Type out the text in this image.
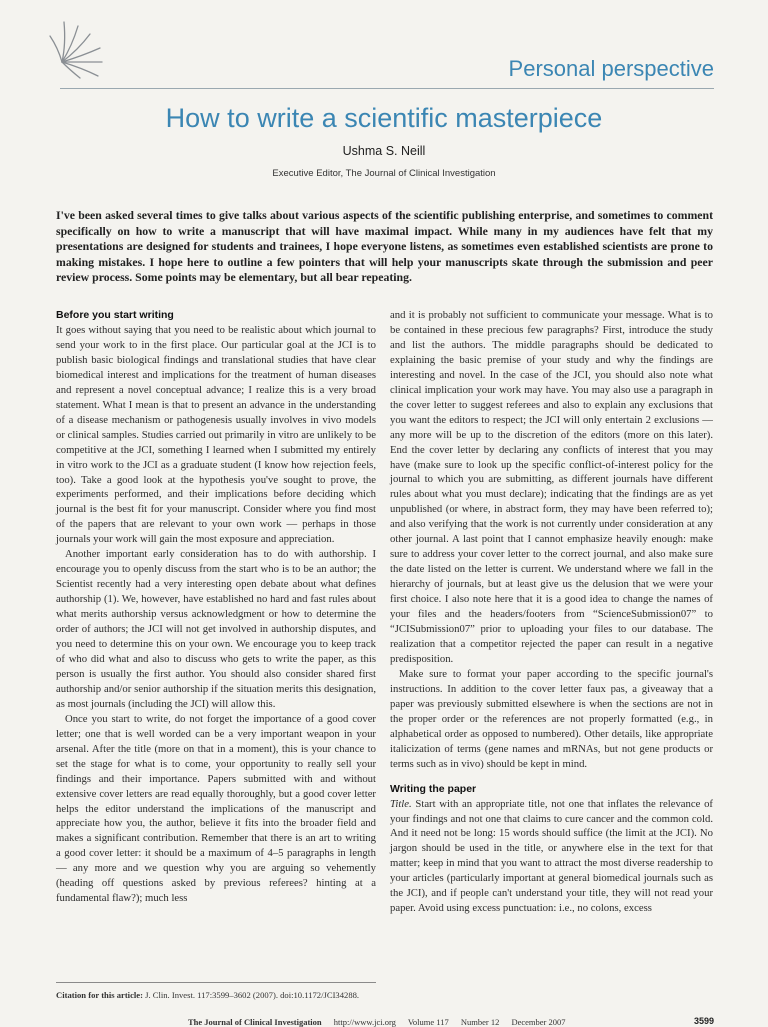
Personal perspective
How to write a scientific masterpiece
Ushma S. Neill
Executive Editor, The Journal of Clinical Investigation
I've been asked several times to give talks about various aspects of the scientific publishing enterprise, and sometimes to comment specifically on how to write a manuscript that will have maximal impact. While many in my audiences have felt that my presentations are designed for students and trainees, I hope everyone listens, as sometimes even established scientists are prone to making mistakes. I hope here to outline a few pointers that will help your manuscripts skate through the submission and peer review process. Some points may be elementary, but all bear repeating.
Before you start writing

It goes without saying that you need to be realistic about which journal to send your work to in the first place. Our particular goal at the JCI is to publish basic biological findings and translational studies that have clear biomedical interest and implications for the treatment of human diseases and represent a novel conceptual advance; I realize this is a very broad statement. What I mean is that to present an advance in the understanding of a disease mechanism or pathogenesis usually involves in vivo models or clinical samples. Studies carried out primarily in vitro are unlikely to be competitive at the JCI, something I learned when I submitted my entirely in vitro work to the JCI as a graduate student (I know how rejection feels, too). Take a good look at the hypothesis you've sought to prove, the experiments performed, and their implications before deciding which journal is the best fit for your manuscript. Consider where you find most of the papers that are relevant to your own work — perhaps in those journals your work will gain the most exposure and appreciation.

Another important early consideration has to do with authorship. I encourage you to openly discuss from the start who is to be an author; the Scientist recently had a very interesting open debate about what defines authorship (1). We, however, have established no hard and fast rules about what merits authorship versus acknowledgment or how to determine the order of authors; the JCI will not get involved in authorship disputes, and you need to determine this on your own. We encourage you to keep track of who did what and also to discuss who gets to write the paper, as this person is usually the first author. You should also consider shared first authorship and/or senior authorship if the situation merits this designation, as most journals (including the JCI) will allow this.

Once you start to write, do not forget the importance of a good cover letter; one that is well worded can be a very important weapon in your arsenal. After the title (more on that in a moment), this is your chance to set the stage for what is to come, your opportunity to really sell your findings and their importance. Papers submitted with and without extensive cover letters are read equally thoroughly, but a good cover letter helps the editor understand the implications of the manuscript and appreciate how you, the author, believe it fits into the broader field and makes a significant contribution. Remember that there is an art to writing a good cover letter: it should be a maximum of 4–5 paragraphs in length — any more and we question why you are arguing so vehemently (heading off questions asked by previous referees? hinting at a fundamental flaw?); much less

and it is probably not sufficient to communicate your message. What is to be contained in these precious few paragraphs? First, introduce the study and list the authors. The middle paragraphs should be dedicated to explaining the basic premise of your study and why the findings are interesting and novel. In the case of the JCI, you should also note what clinical implication your work may have. You may also use a paragraph in the cover letter to suggest referees and also to explain any exclusions that you want the editors to respect; the JCI will only entertain 2 exclusions — any more will be up to the discretion of the editors (more on this later). End the cover letter by declaring any conflicts of interest that you may have (make sure to look up the specific conflict-of-interest policy for the journal to which you are submitting, as different journals have different rules about what you must declare); indicating that the findings are as yet unpublished (or where, in abstract form, they may have been referred to); and also verifying that the work is not currently under consideration at any other journal. A last point that I cannot emphasize heavily enough: make sure to address your cover letter to the correct journal, and also make sure the date listed on the letter is current. We understand where we fall in the hierarchy of journals, but at least give us the delusion that we were your first choice. I also note here that it is a good idea to change the names of your files and the headers/footers from “ScienceSubmission07” to “JCISubmission07” prior to uploading your files to our database. The realization that a competitor rejected the paper can result in a negative predisposition.

Make sure to format your paper according to the specific journal's instructions. In addition to the cover letter faux pas, a giveaway that a paper was previously submitted elsewhere is when the sections are not in the proper order or the references are not properly formatted (e.g., in alphabetical order as opposed to numbered). Other details, like appropriate italicization of terms (gene names and mRNAs, but not gene products or terms such as in vivo) should be kept in mind.

Writing the paper

Title. Start with an appropriate title, not one that inflates the relevance of your findings and not one that claims to cure cancer and the common cold. And it need not be long: 15 words should suffice (the limit at the JCI). No jargon should be used in the title, or anywhere else in the text for that matter; keep in mind that you want to attract the most diverse readership to your articles (particularly important at general biomedical journals such as the JCI), and if people can't understand your title, they will not read your paper. Avoid using excess punctuation: i.e., no colons, excess

Citation for this article: J. Clin. Invest. 117:3599–3602 (2007). doi:10.1172/JCI34288.
The Journal of Clinical Investigation http://www.jci.org Volume 117 Number 12 December 2007	3599
